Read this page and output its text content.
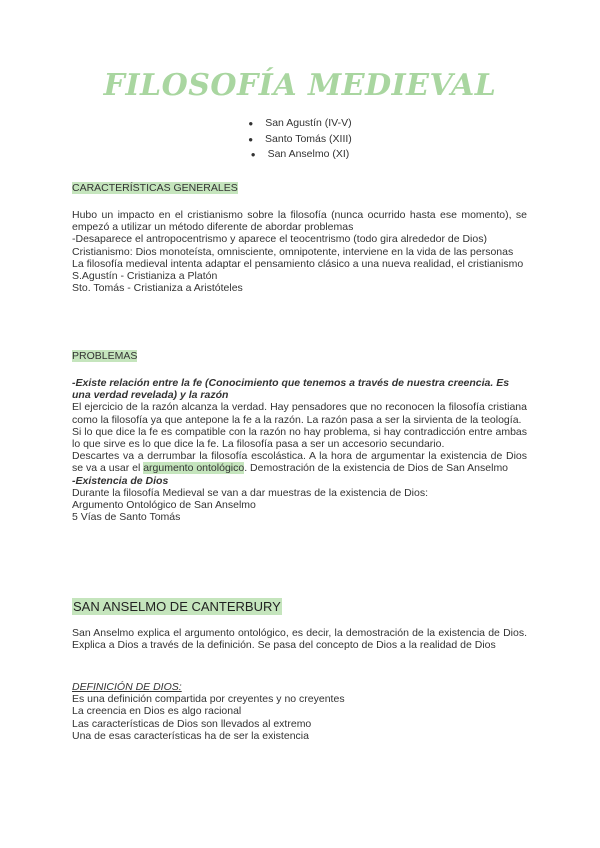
FILOSOFÍA MEDIEVAL
● San Agustín (IV-V)
● Santo Tomás (XIII)
● San Anselmo (XI)
CARACTERÍSTICAS GENERALES

Hubo un impacto en el cristianismo sobre la filosofía (nunca ocurrido hasta ese momento), se empezó a utilizar un método diferente de abordar problemas

-Desaparece el antropocentrismo y aparece el teocentrismo (todo gira alrededor de Dios)

Cristianismo: Dios monoteísta, omnisciente, omnipotente, interviene en la vida de las personas

La filosofía medieval intenta adaptar el pensamiento clásico a una nueva realidad, el cristianismo

S.Agustín - Cristianiza a Platón

Sto. Tomás - Cristianiza a Aristóteles

PROBLEMAS

-Existe relación entre la fe (Conocimiento que tenemos a través de nuestra creencia. Es una verdad revelada) y la razón

El ejercicio de la razón alcanza la verdad. Hay pensadores que no reconocen la filosofía cristiana como la filosofía ya que antepone la fe a la razón. La razón pasa a ser la sirvienta de la teología.

Si lo que dice la fe es compatible con la razón no hay problema, si hay contradicción entre ambas lo que sirve es lo que dice la fe. La filosofía pasa a ser un accesorio secundario.

Descartes va a derrumbar la filosofía escolástica. A la hora de argumentar la existencia de Dios se va a usar el argumento ontológico. Demostración de la existencia de Dios de San Anselmo

-Existencia de Dios

Durante la filosofía Medieval se van a dar muestras de la existencia de Dios:

Argumento Ontológico de San Anselmo

5 Vías de Santo Tomás

SAN ANSELMO DE CANTERBURY

San Anselmo explica el argumento ontológico, es decir, la demostración de la existencia de Dios. Explica a Dios a través de la definición. Se pasa del concepto de Dios a la realidad de Dios

DEFINICIÓN DE DIOS:

Es una definición compartida por creyentes y no creyentes

La creencia en Dios es algo racional

Las características de Dios son llevados al extremo

Una de esas características ha de ser la existencia
